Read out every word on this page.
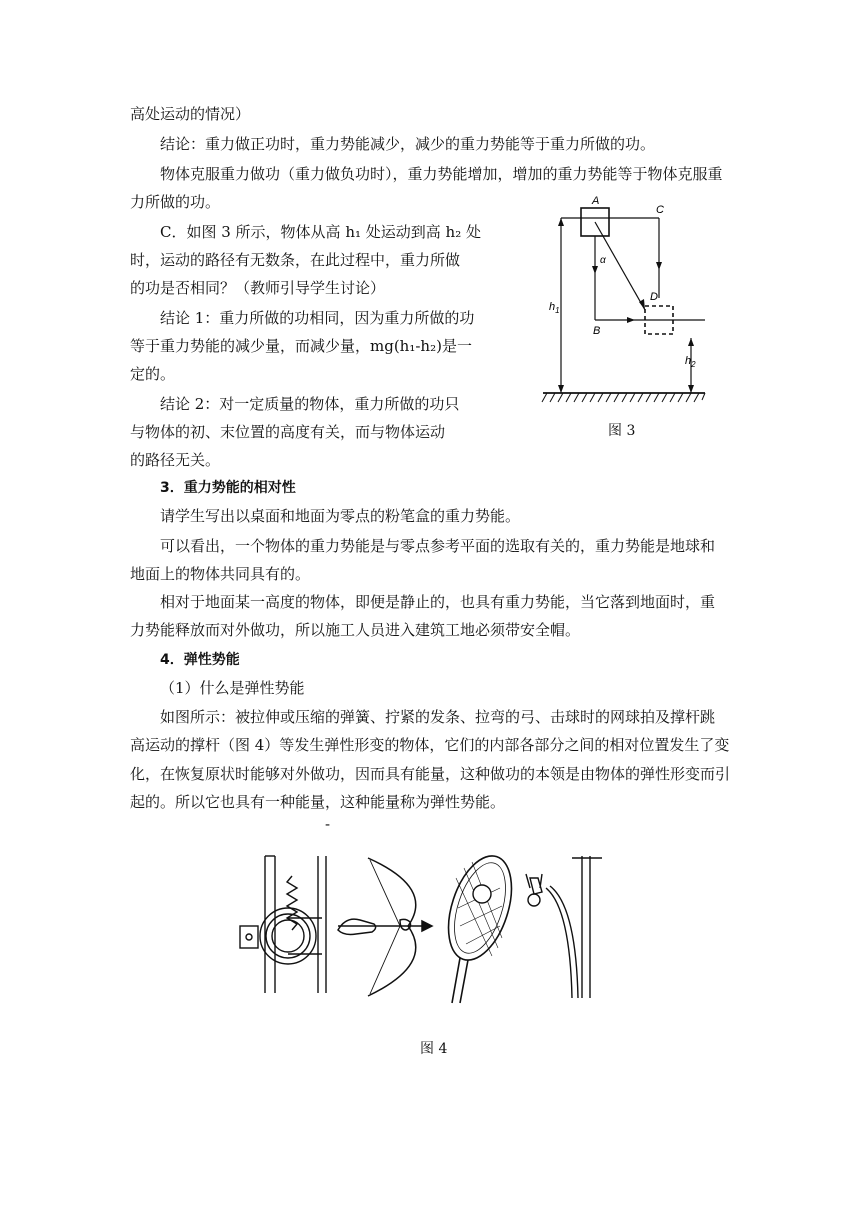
高处运动的情况）
结论：重力做正功时，重力势能减少，减少的重力势能等于重力所做的功。
物体克服重力做功（重力做负功时），重力势能增加，增加的重力势能等于物体克服重
力所做的功。
C．如图 3 所示，物体从高 h₁ 处运动到高 h₂ 处
时，运动的路径有无数条，在此过程中，重力所做
的功是否相同？（教师引导学生讨论）
结论 1：重力所做的功相同，因为重力所做的功
等于重力势能的减少量，而减少量，mg(h₁-h₂)是一
定的。
结论 2：对一定质量的物体，重力所做的功只
与物体的初、末位置的高度有关，而与物体运动
的路径无关。
A
C
α
D
B
$h_1$
$h_2$
图 3
3．重力势能的相对性
请学生写出以桌面和地面为零点的粉笔盒的重力势能。
可以看出，一个物体的重力势能是与零点参考平面的选取有关的，重力势能是地球和
地面上的物体共同具有的。
相对于地面某一高度的物体，即便是静止的，也具有重力势能，当它落到地面时，重
力势能释放而对外做功，所以施工人员进入建筑工地必须带安全帽。
4．弹性势能
（1）什么是弹性势能
如图所示：被拉伸或压缩的弹簧、拧紧的发条、拉弯的弓、击球时的网球拍及撑杆跳
高运动的撑杆（图 4）等发生弹性形变的物体，它们的内部各部分之间的相对位置发生了变
化，在恢复原状时能够对外做功，因而具有能量，这种做功的本领是由物体的弹性形变而引
起的。所以它也具有一种能量，这种能量称为弹性势能。
-
图 4
